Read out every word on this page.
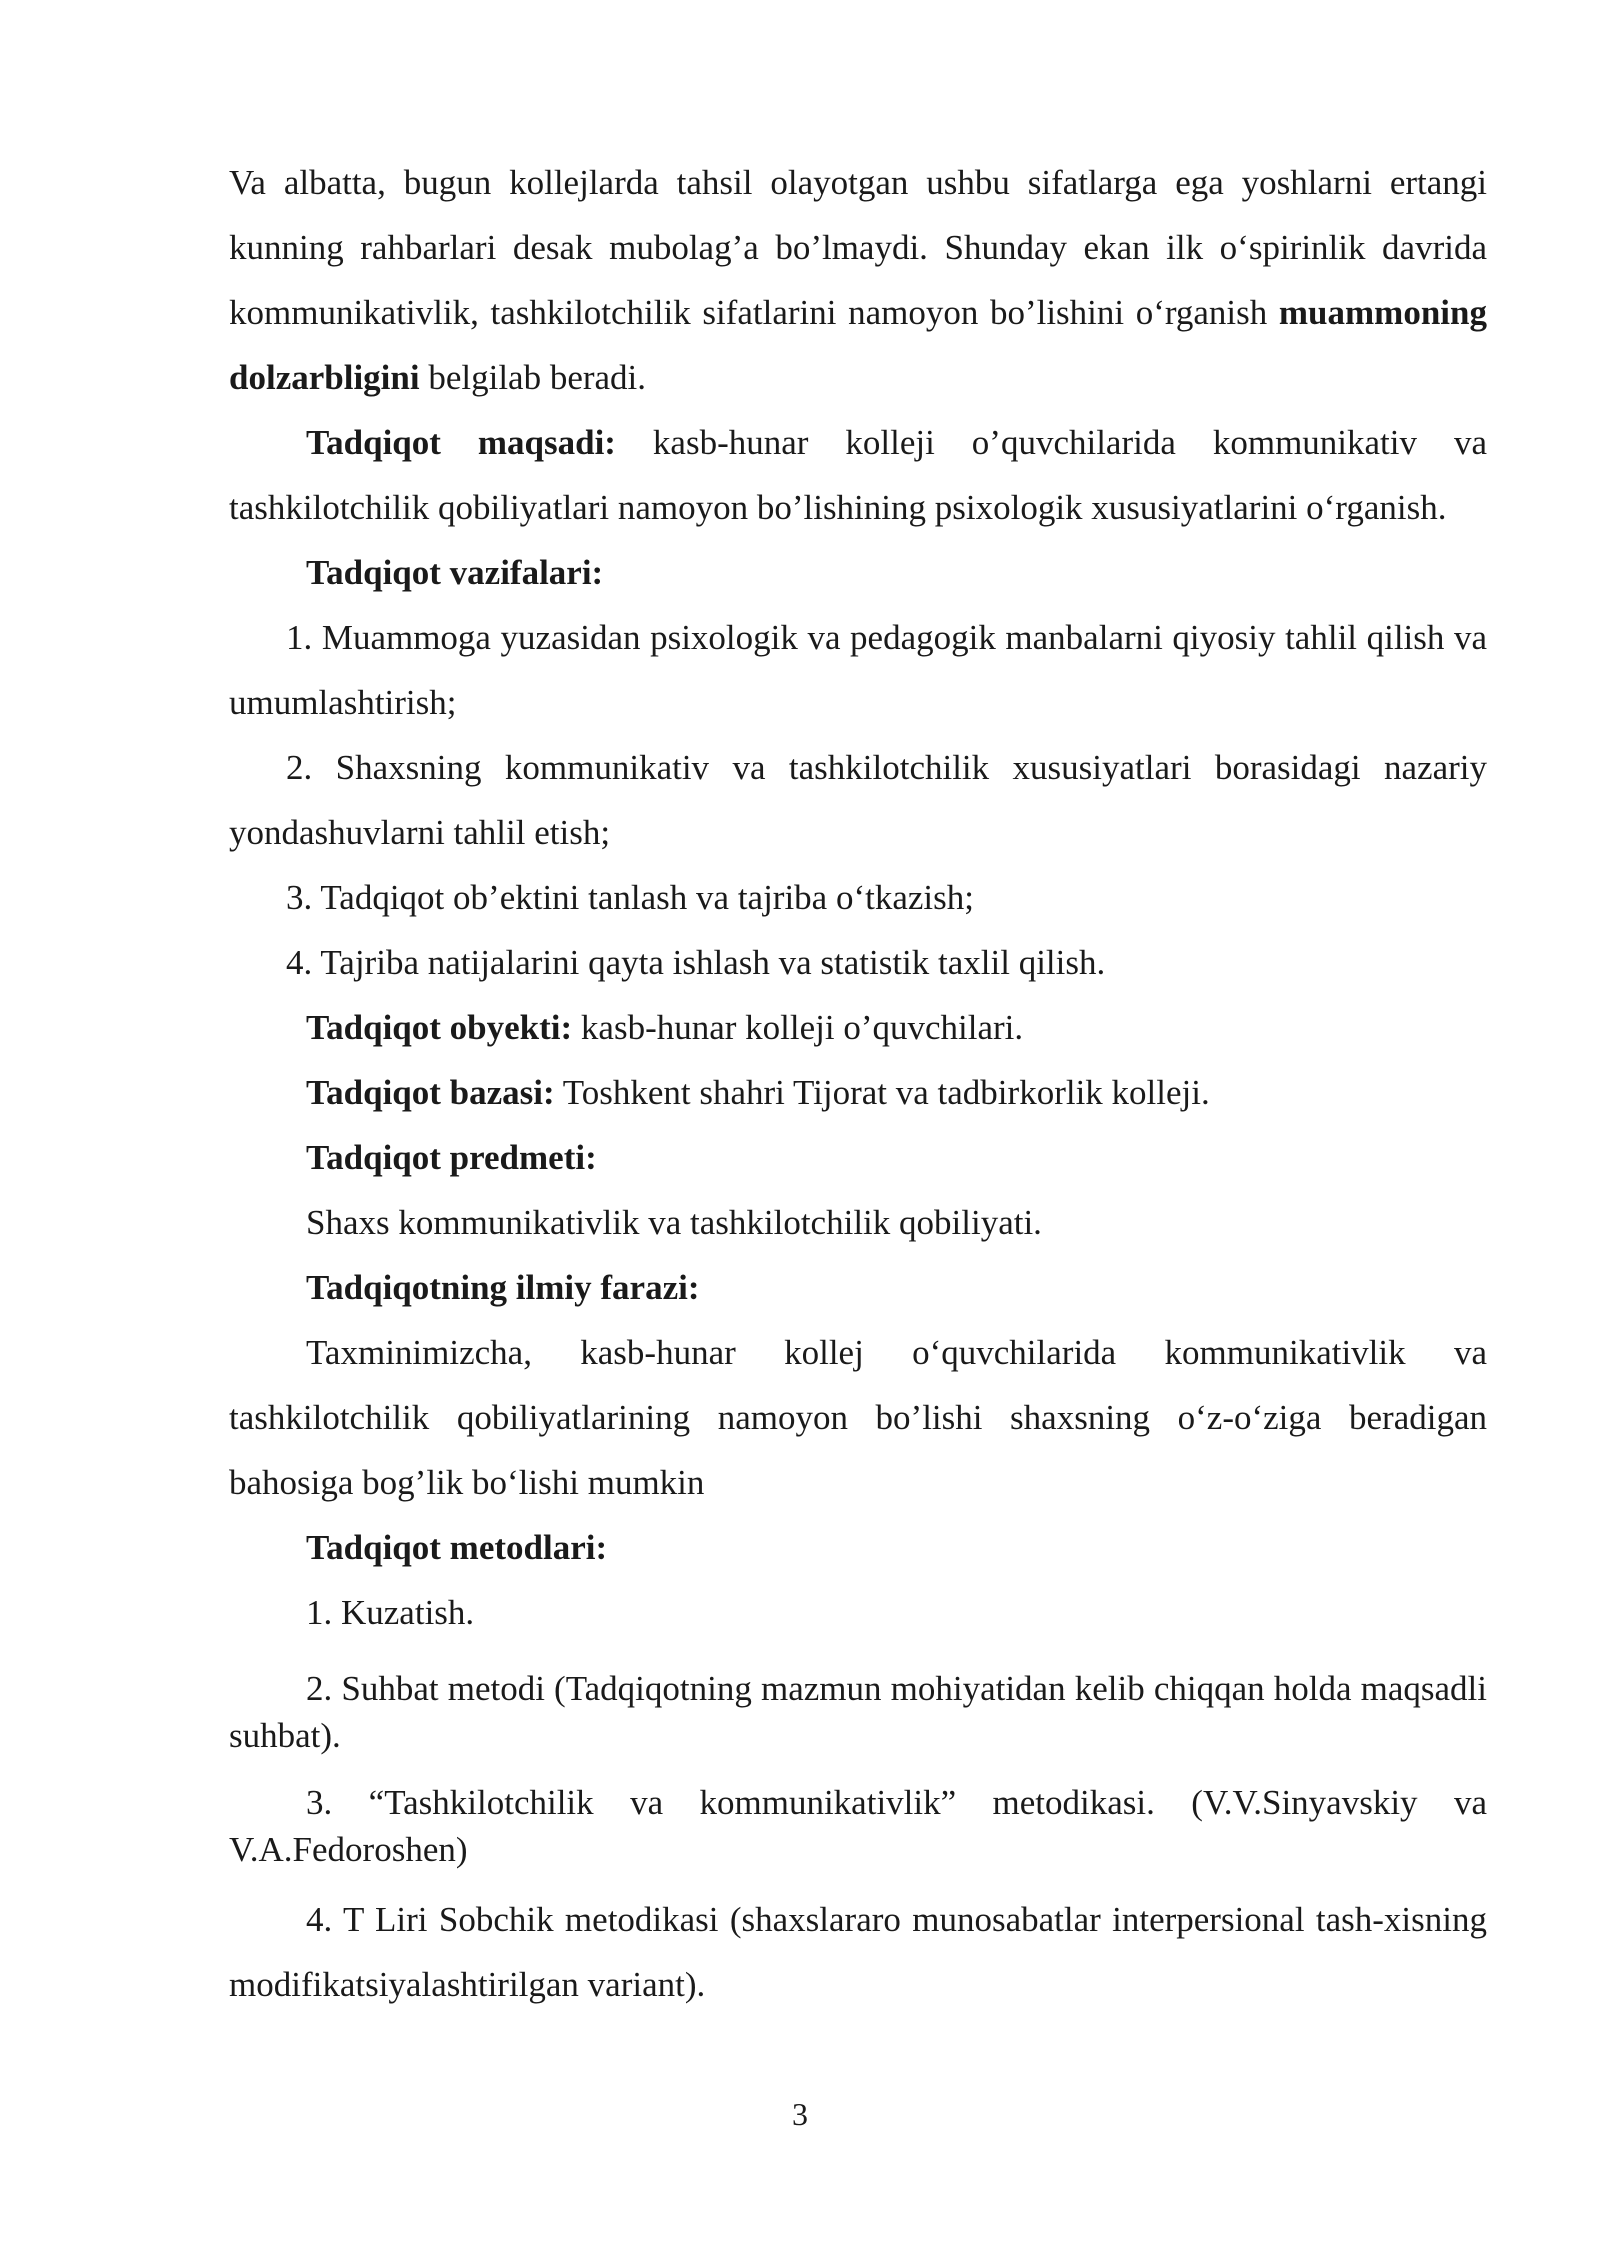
Va albatta, bugun kollejlarda tahsil olayotgan ushbu sifatlarga ega yoshlarni ertangi kunning rahbarlari desak mubolag’a bo’lmaydi. Shunday ekan ilk o‘spirinlik davrida kommunikativlik, tashkilotchilik sifatlarini namoyon bo’lishini o‘rganish muammoning dolzarbligini belgilab beradi.

Tadqiqot maqsadi: kasb-hunar kolleji o’quvchilarida kommunikativ va tashkilotchilik qobiliyatlari namoyon bo’lishining psixologik xususiyatlarini o‘rganish.

Tadqiqot vazifalari:

1. Muammoga yuzasidan psixologik va pedagogik manbalarni qiyosiy tahlil qilish va umumlashtirish;

2. Shaxsning kommunikativ va tashkilotchilik xususiyatlari borasidagi nazariy yondashuvlarni tahlil etish;

3. Tadqiqot ob’ektini tanlash va tajriba o‘tkazish;

4. Tajriba natijalarini qayta ishlash va statistik taxlil qilish.

Tadqiqot obyekti: kasb-hunar kolleji o’quvchilari.

Tadqiqot bazasi: Toshkent shahri Tijorat va tadbirkorlik kolleji.

Tadqiqot predmeti:

Shaxs kommunikativlik va tashkilotchilik qobiliyati.

Tadqiqotning ilmiy farazi:

Taxminimizcha, kasb-hunar kollej o‘quvchilarida kommunikativlik va tashkilotchilik qobiliyatlarining namoyon bo’lishi shaxsning o‘z-o‘ziga beradigan bahosiga bog’lik bo‘lishi mumkin

Tadqiqot metodlari:

1. Kuzatish.

2. Suhbat metodi (Tadqiqotning mazmun mohiyatidan kelib chiqqan holda maqsadli suhbat).

3. “Tashkilotchilik va kommunikativlik” metodikasi. (V.V.Sinyavskiy va V.A.Fedoroshen)

4. T Liri Sobchik metodikasi (shaxslararo munosabatlar interpersional tash-xisning modifikatsiyalashtirilgan variant).

3
